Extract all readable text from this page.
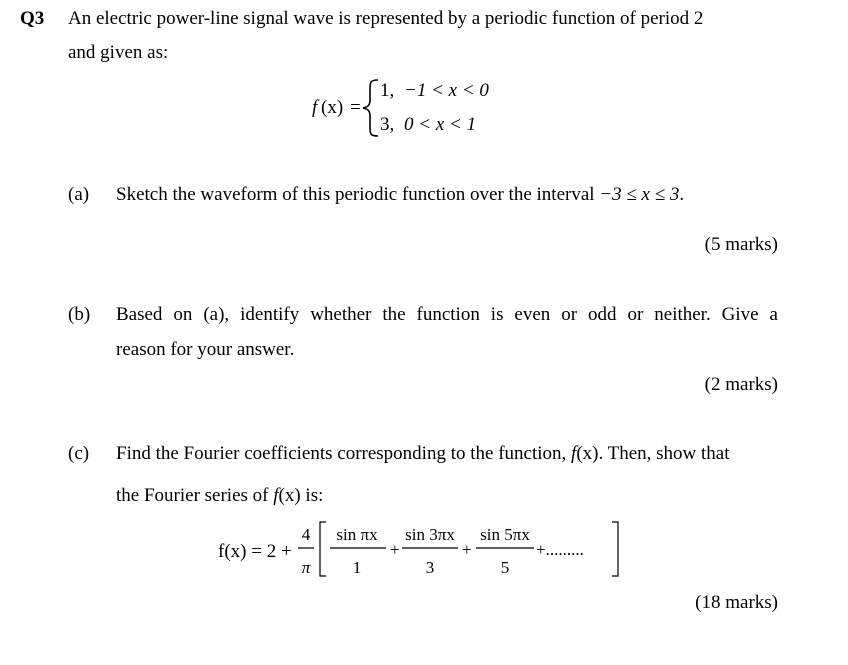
Q3 An electric power-line signal wave is represented by a periodic function of period 2
and given as:
f (x) =
1, −1 < x < 0
3, 0 < x < 1
(a) Sketch the waveform of this periodic function over the interval −3 ≤ x ≤ 3.
(5 marks)
(b) Based on (a), identify whether the function is even or odd or neither. Give a
reason for your answer.
(2 marks)
(c) Find the Fourier coefficients corresponding to the function, f(x). Then, show that
the Fourier series of f(x) is:
f(x) = 2 +
4
π
sin πx
1
+
sin 3πx
3
+
sin 5πx
5
+.........
(18 marks)
